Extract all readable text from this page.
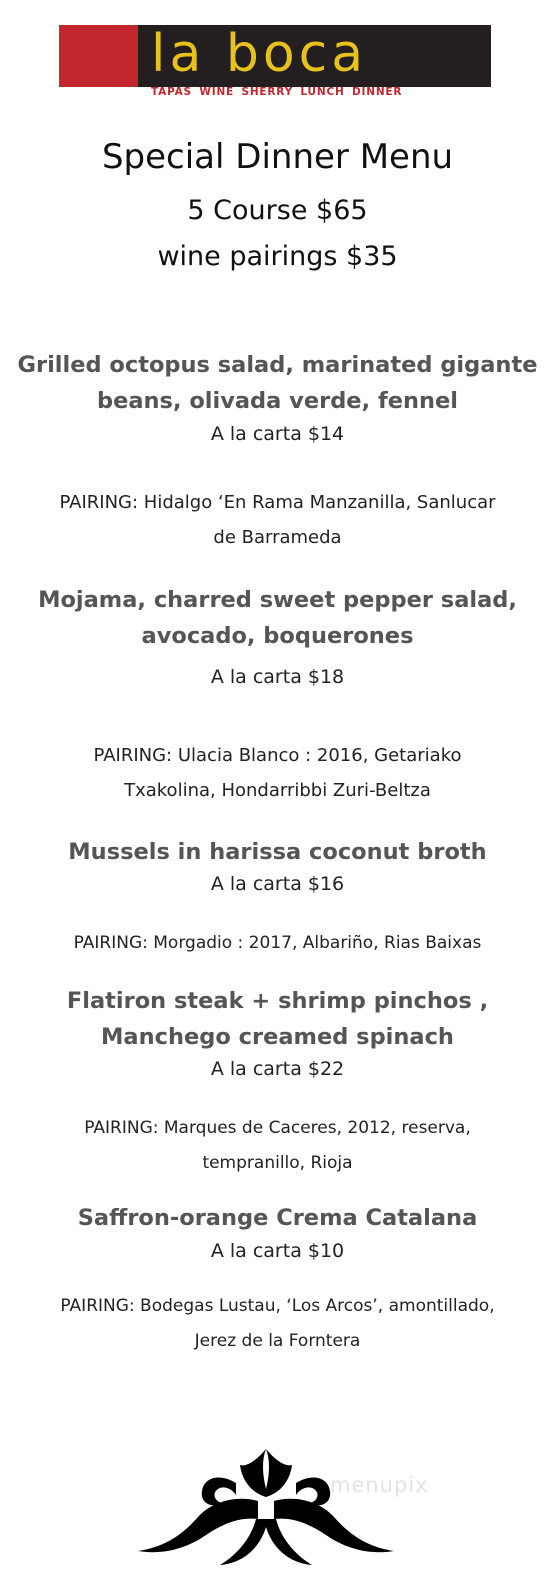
la boca
TAPAS WINE SHERRY LUNCH DINNER
Special Dinner Menu
5 Course $65
wine pairings $35
Grilled octopus salad, marinated gigante
beans, olivada verde, fennel
A la carta $14
PAIRING: Hidalgo ‘En Rama Manzanilla, Sanlucar
de Barrameda
Mojama, charred sweet pepper salad,
avocado, boquerones
A la carta $18
PAIRING: Ulacia Blanco : 2016, Getariako
Txakolina, Hondarribbi Zuri-Beltza
Mussels in harissa coconut broth
A la carta $16
PAIRING: Morgadio : 2017, Albariño, Rias Baixas
Flatiron steak + shrimp pinchos ,
Manchego creamed spinach
A la carta $22
PAIRING: Marques de Caceres, 2012, reserva,
tempranillo, Rioja
Saffron-orange Crema Catalana
A la carta $10
PAIRING: Bodegas Lustau, ‘Los Arcos’, amontillado,
Jerez de la Forntera
menupix
